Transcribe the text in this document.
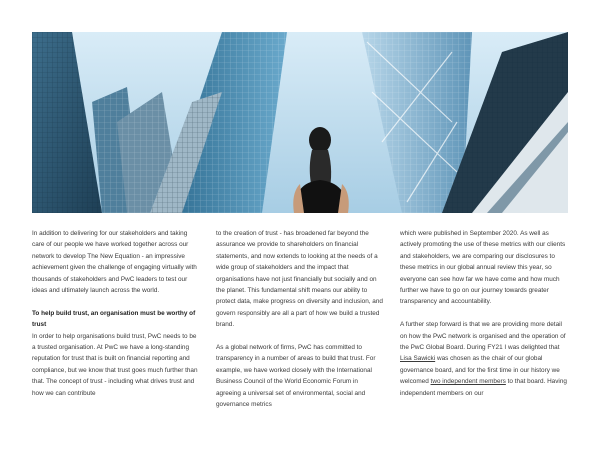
In addition to delivering for our stakeholders and taking care of our people we have worked together across our network to develop The New Equation - an impressive achievement given the challenge of engaging virtually with thousands of stakeholders and PwC leaders to test our ideas and ultimately launch across the world.

To help build trust, an organisation must be worthy of trust

In order to help organisations build trust, PwC needs to be a trusted organisation. At PwC we have a long-standing reputation for trust that is built on financial reporting and compliance, but we know that trust goes much further than that. The concept of trust - including what drives trust and how we can contribute

to the creation of trust - has broadened far beyond the assurance we provide to shareholders on financial statements, and now extends to looking at the needs of a wide group of stakeholders and the impact that organisations have not just financially but socially and on the planet. This fundamental shift means our ability to protect data, make progress on diversity and inclusion, and govern responsibly are all a part of how we build a trusted brand.

As a global network of firms, PwC has committed to transparency in a number of areas to build that trust. For example, we have worked closely with the International Business Council of the World Economic Forum in agreeing a universal set of environmental, social and governance metrics

which were published in September 2020. As well as actively promoting the use of these metrics with our clients and stakeholders, we are comparing our disclosures to these metrics in our global annual review this year, so everyone can see how far we have come and how much further we have to go on our journey towards greater transparency and accountability.

A further step forward is that we are providing more detail on how the PwC network is organised and the operation of the PwC Global Board. During FY21 I was delighted that Lisa Sawicki was chosen as the chair of our global governance board, and for the first time in our history we welcomed two independent members to that board. Having independent members on our
